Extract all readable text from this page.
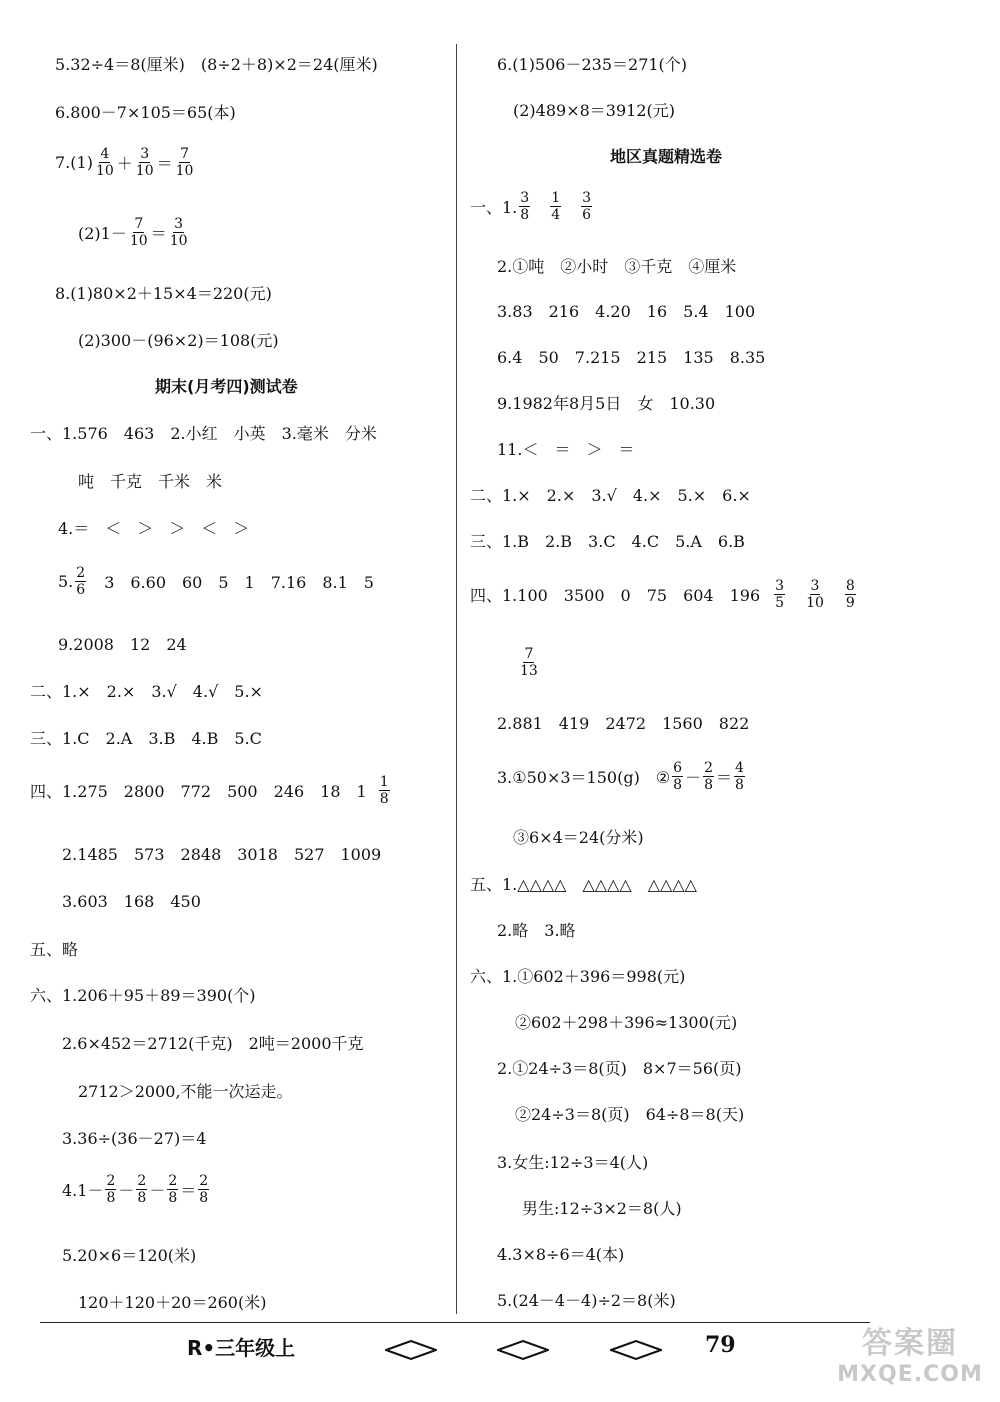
5.32÷4＝8(厘米)　(8÷2＋8)×2＝24(厘米)
6.800－7×105＝65(本)
$7.(1) \frac{4}{10} + \frac{3}{10} = \frac{7}{10}$
$(2)1- \frac{7}{10} = \frac{3}{10}$
8.(1)80×2＋15×4＝220(元)
(2)300－(96×2)＝108(元)
期末(月考四)测试卷
一、1.576　463　2.小红　小英　3.毫米　分米
吨　千克　千米　米
4.＝　＜　＞　＞　＜　＞
5. $\frac{2}{6}$ 　3　6.60　60　5　1　7.16　8.1　5
9.2008　12　24
二、1.×　2.×　3.√　4.√　5.×
三、1.C　2.A　3.B　4.B　5.C
四、1.275　2800　772　500　246　18　$1 \frac{1}{8}$
2.1485　573　2848　3018　527　1009
3.603　168　450
五、略
六、1.206＋95＋89＝390(个)
2.6×452＝2712(千克)　2吨＝2000千克
2712＞2000,不能一次运走。
3.36÷(36－27)＝4
$4.1- \frac{2}{8} - \frac{2}{8} - \frac{2}{8} = \frac{2}{8}$
5.20×6＝120(米)
120＋120＋20＝260(米)
6.(1)506－235＝271(个)
(2)489×8＝3912(元)
地区真题精选卷
一、1. $\frac{3}{8} \frac{1}{4} \frac{3}{6}$
2.①吨　②小时　③千克　④厘米
3.83　216　4.20　16　5.4　100
6.4　50　7.215　215　135　8.35
9.1982年8月5日　女　10.30
11.＜　＝　＞　＝
二、1.×　2.×　3.√　4.×　5.×　6.×
三、1.B　2.B　3.C　4.C　5.A　6.B
四、1.100　3500　0　75　604　$196 \frac{3}{5} \frac{3}{10} \frac{8}{9}$
$\frac{7}{13}$
2.881　419　2472　1560　822
3.①50×3＝150(g)　② $\frac{6}{8} - \frac{2}{8} = \frac{4}{8}$
③6×4＝24(分米)
五、1.△△△△　△△△△　△△△△
2.略　3.略
六、1.①602＋396＝998(元)
②602＋298＋396≈1300(元)
2.①24÷3＝8(页)　8×7＝56(页)
②24÷3＝8(页)　64÷8＝8(天)
3.女生:12÷3＝4(人)
男生:12÷3×2＝8(人)
4.3×8÷6＝4(本)
5.(24－4－4)÷2＝8(米)
R•三年级上	79	答案圈
MXQE.COM
